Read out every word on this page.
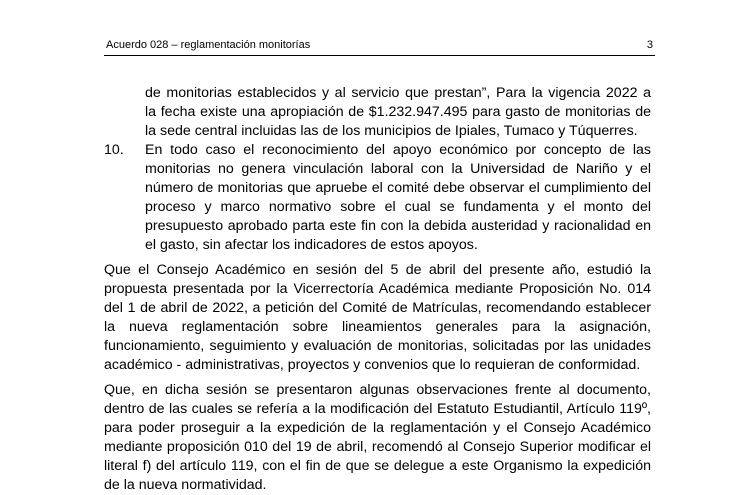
Acuerdo 028 – reglamentación monitorías	3
de monitorias establecidos y al servicio que prestan”, Para la vigencia 2022 a
la fecha existe una apropiación de $1.232.947.495 para gasto de monitorias de
la sede central incluidas las de los municipios de Ipiales, Tumaco y Túquerres.
10. En todo caso el reconocimiento del apoyo económico por concepto de las
monitorias no genera vinculación laboral con la Universidad de Nariño y el
número de monitorias que apruebe el comité debe observar el cumplimiento del
proceso y marco normativo sobre el cual se fundamenta y el monto del
presupuesto aprobado parta este fin con la debida austeridad y racionalidad en
el gasto, sin afectar los indicadores de estos apoyos.
Que el Consejo Académico en sesión del 5 de abril del presente año, estudió la
propuesta presentada por la Vicerrectoría Académica mediante Proposición No. 014
del 1 de abril de 2022, a petición del Comité de Matrículas, recomendando establecer
la nueva reglamentación sobre lineamientos generales para la asignación,
funcionamiento, seguimiento y evaluación de monitorias, solicitadas por las unidades
académico - administrativas, proyectos y convenios que lo requieran de conformidad.
Que, en dicha sesión se presentaron algunas observaciones frente al documento,
dentro de las cuales se refería a la modificación del Estatuto Estudiantil, Artículo 119º,
para poder proseguir a la expedición de la reglamentación y el Consejo Académico
mediante proposición 010 del 19 de abril, recomendó al Consejo Superior modificar el
literal f) del artículo 119, con el fin de que se delegue a este Organismo la expedición
de la nueva normatividad.
